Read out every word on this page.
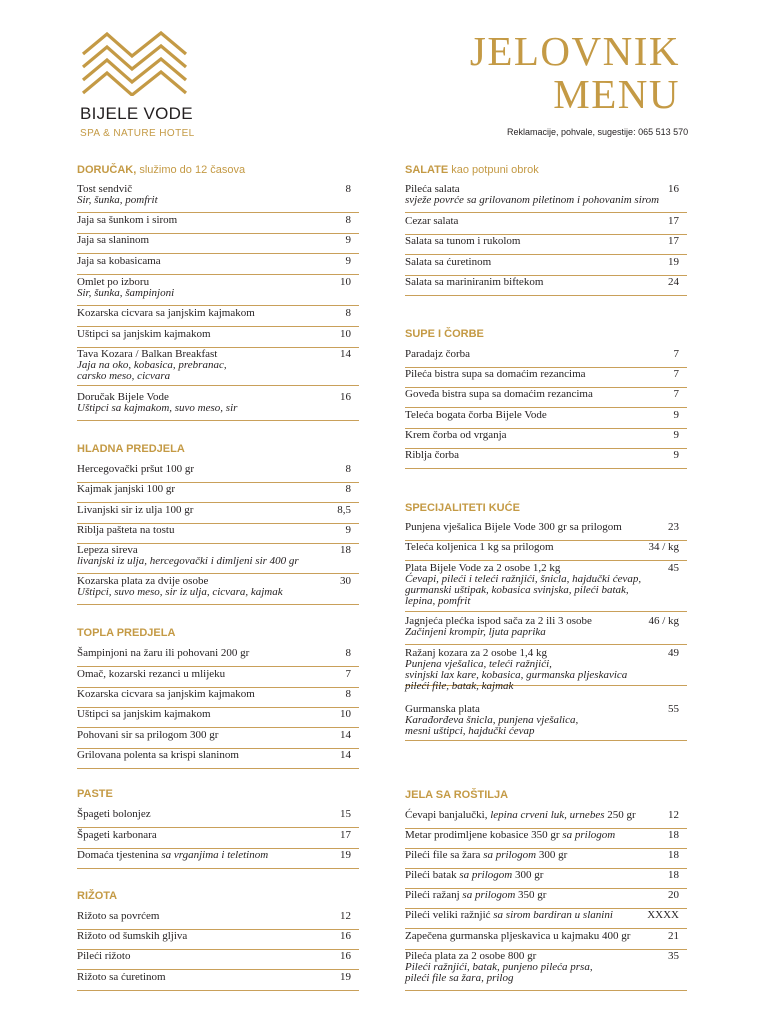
BIJELE VODE
SPA & NATURE HOTEL
JELOVNIK
MENU
Reklamacije, pohvale, sugestije: 065 513 570
DORUČAK, služimo do 12 časova
Tost sendvič
Sir, šunka, pomfrit
8
Jaja sa šunkom i sirom	8
Jaja sa slaninom	9
Jaja sa kobasicama	9
Omlet po izboru
Sir, šunka, šampinjoni
10
Kozarska cicvara sa janjskim kajmakom	8
Uštipci sa janjskim kajmakom	10
Tava Kozara / Balkan Breakfast
Jaja na oko, kobasica, prebranac,
carsko meso, cicvara
14
Doručak Bijele Vode
Uštipci sa kajmakom, suvo meso, sir
16
HLADNA PREDJELA
Hercegovački pršut 100 gr	8
Kajmak janjski 100 gr	8
Livanjski sir iz ulja 100 gr	8,5
Riblja pašteta na tostu	9
Lepeza sireva
livanjski iz ulja, hercegovački i dimljeni sir 400 gr
18
Kozarska plata za dvije osobe
Uštipci, suvo meso, sir iz ulja, cicvara, kajmak
30
TOPLA PREDJELA
Šampinjoni na žaru ili pohovani 200 gr	8
Omač, kozarski rezanci u mlijeku	7
Kozarska cicvara sa janjskim kajmakom	8
Uštipci sa janjskim kajmakom	10
Pohovani sir sa prilogom 300 gr	14
Grilovana polenta sa krispi slaninom	14
PASTE
Špageti bolonjez	15
Špageti karbonara	17
Domaća tjestenina sa vrganjima i teletinom	19
RIŽOTA
Rižoto sa povrćem	12
Rižoto od šumskih gljiva	16
Pileći rižoto	16
Rižoto sa ćuretinom	19
SALATE kao potpuni obrok
Pileća salata
svježe povrće sa grilovanom piletinom i pohovanim sirom
16
Cezar salata	17
Salata sa tunom i rukolom	17
Salata sa ćuretinom	19
Salata sa mariniranim biftekom	24
SUPE I ČORBE
Paradajz čorba	7
Pileća bistra supa sa domaćim rezancima	7
Goveđa bistra supa sa domaćim rezancima	7
Teleća bogata čorba Bijele Vode	9
Krem čorba od vrganja	9
Riblja čorba	9
SPECIJALITETI KUĆE
Punjena vješalica Bijele Vode 300 gr sa prilogom	23
Teleća koljenica 1 kg sa prilogom	34 / kg
Plata Bijele Vode za 2 osobe 1,2 kg
Ćevapi, pileći i teleći ražnjići, šnicla, hajdučki ćevap,
gurmanski uštipak, kobasica svinjska, pileći batak,
lepina, pomfrit
45
Jagnjeća plećka ispod sača za 2 ili 3 osobe
Začinjeni krompir, ljuta paprika
46 / kg
Ražanj kozara za 2 osobe 1,4 kg
Punjena vješalica, teleći ražnjići,
svinjski lax kare, kobasica, gurmanska pljeskavica
pileći file, batak, kajmak
49
Gurmanska plata
Karađorđeva šnicla, punjena vješalica,
mesni uštipci, hajdučki ćevap
55
JELA SA ROŠTILJA
Ćevapi banjalučki, lepina crveni luk, urnebes 250 gr	12
Metar prodimljene kobasice 350 gr sa prilogom	18
Pileći file sa žara sa prilogom 300 gr	18
Pileći batak sa prilogom 300 gr	18
Pileći ražanj sa prilogom 350 gr	20
Pileći veliki ražnjić sa sirom bardiran u slanini	XXXX
Zapečena gurmanska pljeskavica u kajmaku 400 gr	21
Pileća plata za 2 osobe 800 gr
Pileći ražnjići, batak, punjeno pileća prsa,
pileći file sa žara, prilog
35
